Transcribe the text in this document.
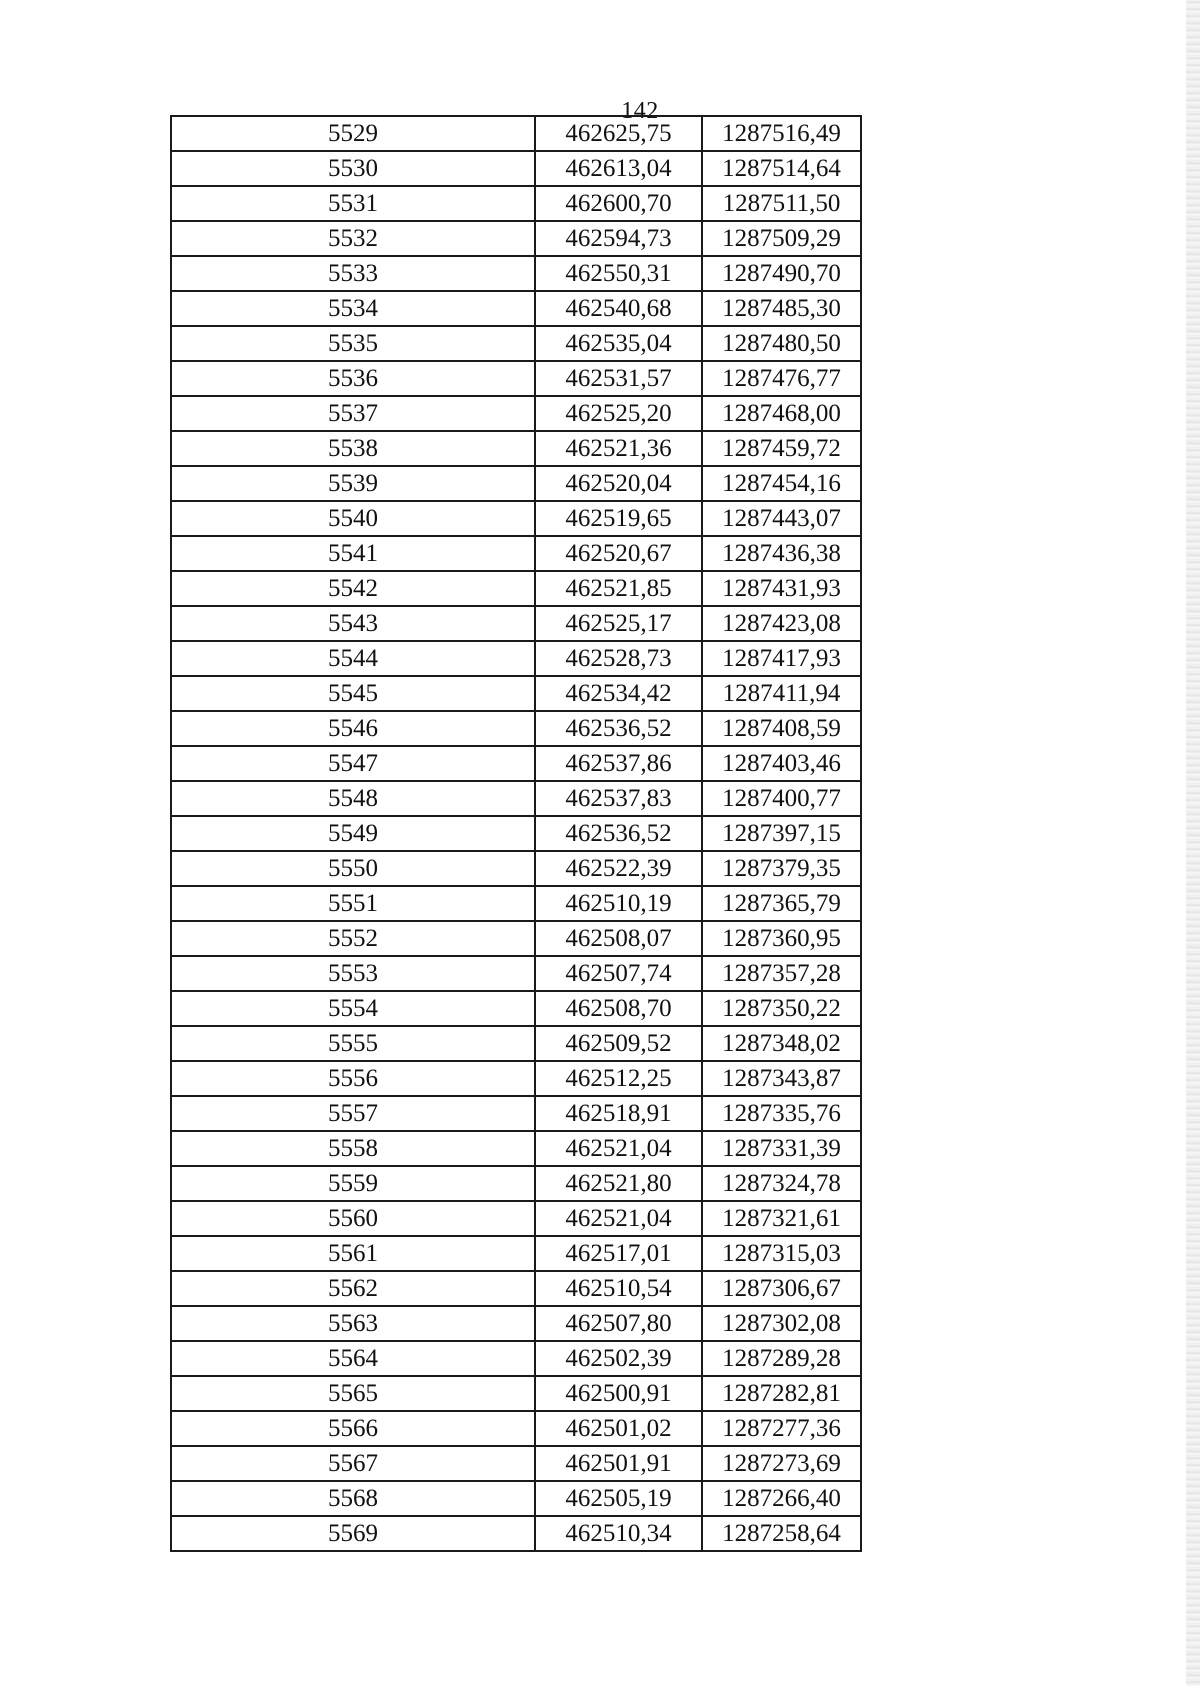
142
5529	462625,75	1287516,49
5530	462613,04	1287514,64
5531	462600,70	1287511,50
5532	462594,73	1287509,29
5533	462550,31	1287490,70
5534	462540,68	1287485,30
5535	462535,04	1287480,50
5536	462531,57	1287476,77
5537	462525,20	1287468,00
5538	462521,36	1287459,72
5539	462520,04	1287454,16
5540	462519,65	1287443,07
5541	462520,67	1287436,38
5542	462521,85	1287431,93
5543	462525,17	1287423,08
5544	462528,73	1287417,93
5545	462534,42	1287411,94
5546	462536,52	1287408,59
5547	462537,86	1287403,46
5548	462537,83	1287400,77
5549	462536,52	1287397,15
5550	462522,39	1287379,35
5551	462510,19	1287365,79
5552	462508,07	1287360,95
5553	462507,74	1287357,28
5554	462508,70	1287350,22
5555	462509,52	1287348,02
5556	462512,25	1287343,87
5557	462518,91	1287335,76
5558	462521,04	1287331,39
5559	462521,80	1287324,78
5560	462521,04	1287321,61
5561	462517,01	1287315,03
5562	462510,54	1287306,67
5563	462507,80	1287302,08
5564	462502,39	1287289,28
5565	462500,91	1287282,81
5566	462501,02	1287277,36
5567	462501,91	1287273,69
5568	462505,19	1287266,40
5569	462510,34	1287258,64
